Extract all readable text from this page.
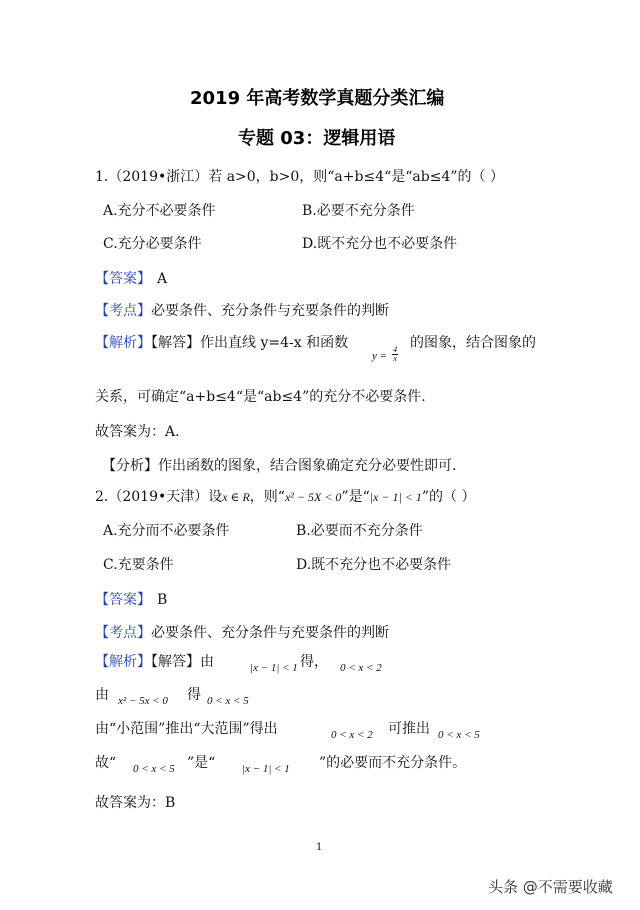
2019 年高考数学真题分类汇编
专题 03：逻辑用语
1.（2019•浙江）若 a>0，b>0，则“a+b≤4“是“ab≤4”的（ ）
A.充分不必要条件	B.必要不充分条件
C.充分必要条件	D.既不充分也不必要条件
【答案】 A
【考点】必要条件、充分条件与充要条件的判断
【解析】【解答】作出直线 y=4-x 和函数
$y = \frac{4}{x}$
的图象，结合图象的
关系，可确定“a+b≤4“是“ab≤4”的充分不必要条件.
故答案为：A.
【分析】作出函数的图象，结合图象确定充分必要性即可.
2.（2019•天津）设x ∈ R，则“x² − 5X < 0”是“|x − 1| < 1”的（ ）
A.充分而不必要条件	B.必要而不充分条件
C.充要条件	D.既不充分也不必要条件
【答案】 B
【考点】必要条件、充分条件与充要条件的判断
【解析】【解答】由	|x − 1| < 1 得， 0 < x < 2
由 x² − 5x < 0 得 0 < x < 5
由“小范围”推出“大范围”得出	0 < x < 2 可推出 0 < x < 5
故“ 0 < x < 5 ”是“ |x − 1| < 1 ”的必要而不充分条件。
故答案为：B
1
头条 @不需要收藏
